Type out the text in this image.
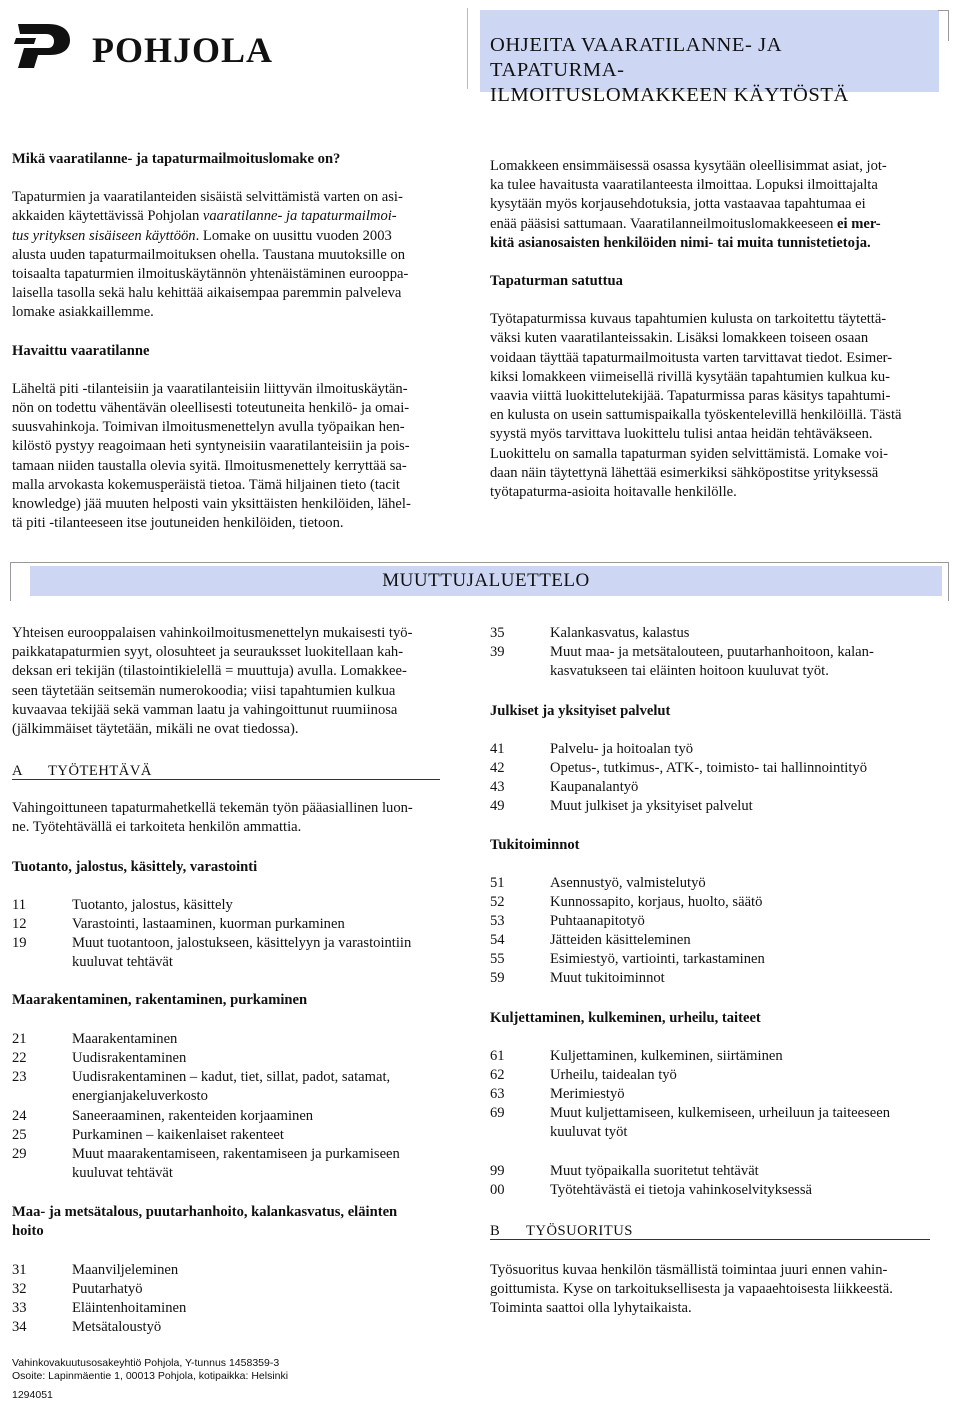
POHJOLA	OHJEITA VAARATILANNE- JA TAPATURMA-
ILMOITUSLOMAKKEEN KÄYTÖSTÄ

Mikä vaaratilanne- ja tapaturmailmoituslomake on?

Tapaturmien ja vaaratilanteiden sisäistä selvittämistä varten on asi-

akkaiden käytettävissä Pohjolan vaaratilanne- ja tapaturmailmoi-

tus yrityksen sisäiseen käyttöön. Lomake on uusittu vuoden 2003

alusta uuden tapaturmailmoituksen ohella. Taustana muutoksille on

toisaalta tapaturmien ilmoituskäytännön yhtenäistäminen eurooppa-

laisella tasolla sekä halu kehittää aikaisempaa paremmin palveleva

lomake asiakkaillemme.

Havaittu vaaratilanne

Läheltä piti -tilanteisiin ja vaaratilanteisiin liittyvän ilmoituskäytän-

nön on todettu vähentävän oleellisesti toteutuneita henkilö- ja omai-

suusvahinkoja. Toimivan ilmoitusmenettelyn avulla työpaikan hen-

kilöstö pystyy reagoimaan heti syntyneisiin vaaratilanteisiin ja pois-

tamaan niiden taustalla olevia syitä. Ilmoitusmenettely kerryttää sa-

malla arvokasta kokemusperäistä tietoa. Tämä hiljainen tieto (tacit

knowledge) jää muuten helposti vain yksittäisten henkilöiden, lähel-

tä piti -tilanteeseen itse joutuneiden henkilöiden, tietoon.

Lomakkeen ensimmäisessä osassa kysytään oleellisimmat asiat, jot-

ka tulee havaitusta vaaratilanteesta ilmoittaa. Lopuksi ilmoittajalta

kysytään myös korjausehdotuksia, jotta vastaavaa tapahtumaa ei

enää pääsisi sattumaan. Vaaratilanneilmoituslomakkeeseen ei mer-

kitä asianosaisten henkilöiden nimi- tai muita tunnistetietoja.

Tapaturman satuttua

Työtapaturmissa kuvaus tapahtumien kulusta on tarkoitettu täytettä-

väksi kuten vaaratilanteissakin. Lisäksi lomakkeen toiseen osaan

voidaan täyttää tapaturmailmoitusta varten tarvittavat tiedot. Esimer-

kiksi lomakkeen viimeisellä rivillä kysytään tapahtumien kulkua ku-

vaavia viittä luokittelutekijää. Tapaturmissa paras käsitys tapahtumi-

en kulusta on usein sattumispaikalla työskentelevillä henkilöillä. Tästä

syystä myös tarvittava luokittelu tulisi antaa heidän tehtäväkseen.

Luokittelu on samalla tapaturman syiden selvittämistä. Lomake voi-

daan näin täytettynä lähettää esimerkiksi sähköpostitse yrityksessä

työtapaturma-asioita hoitavalle henkilölle.

MUUTTUJALUETTELO

Yhteisen eurooppalaisen vahinkoilmoitusmenettelyn mukaisesti työ-

paikkatapaturmien syyt, olosuhteet ja seurauksset luokitellaan kah-

deksan eri tekijän (tilastointikielellä = muuttuja) avulla. Lomakkee-

seen täytetään seitsemän numerokoodia; viisi tapahtumien kulkua

kuvaavaa tekijää sekä vamman laatu ja vahingoittunut ruumiinosa

(jälkimmäiset täytetään, mikäli ne ovat tiedossa).

A TYÖTEHTÄVÄ

Vahingoittuneen tapaturmahetkellä tekemän työn pääasiallinen luon-

ne. Työtehtävällä ei tarkoiteta henkilön ammattia.

Tuotanto, jalostus, käsittely, varastointi

11	Tuotanto, jalostus, käsittely
12	Varastointi, lastaaminen, kuorman purkaminen
19	Muut tuotantoon, jalostukseen, käsittelyyn ja varastointiin
kuuluvat tehtävät

Maarakentaminen, rakentaminen, purkaminen

21	Maarakentaminen
22	Uudisrakentaminen
23	Uudisrakentaminen – kadut, tiet, sillat, padot, satamat,
energianjakeluverkosto
24	Saneeraaminen, rakenteiden korjaaminen
25	Purkaminen – kaikenlaiset rakenteet
29	Muut maarakentamiseen, rakentamiseen ja purkamiseen
kuuluvat tehtävät
Maa- ja metsätalous, puutarhanhoito, kalankasvatus, eläinten
hoito
31	Maanviljeleminen
32	Puutarhatyö
33	Eläintenhoitaminen
34	Metsätaloustyö
35	Kalankasvatus, kalastus
39	Muut maa- ja metsätalouteen, puutarhanhoitoon, kalan-
kasvatukseen tai eläinten hoitoon kuuluvat työt.

Julkiset ja yksityiset palvelut

41	Palvelu- ja hoitoalan työ
42	Opetus-, tutkimus-, ATK-, toimisto- tai hallinnointityö
43	Kaupanalantyö
49	Muut julkiset ja yksityiset palvelut

Tukitoiminnot

51	Asennustyö, valmistelutyö
52	Kunnossapito, korjaus, huolto, säätö
53	Puhtaanapitotyö
54	Jätteiden käsitteleminen
55	Esimiestyö, vartiointi, tarkastaminen
59	Muut tukitoiminnot

Kuljettaminen, kulkeminen, urheilu, taiteet

61	Kuljettaminen, kulkeminen, siirtäminen
62	Urheilu, taidealan työ
63	Merimiestyö
69	Muut kuljettamiseen, kulkemiseen, urheiluun ja taiteeseen
kuuluvat työt
99	Muut työpaikalla suoritetut tehtävät
00	Työtehtävästä ei tietoja vahinkoselvityksessä
B TYÖSUORITUS

Työsuoritus kuvaa henkilön täsmällistä toimintaa juuri ennen vahin-

goittumista. Kyse on tarkoituksellisesta ja vapaaehtoisesta liikkeestä.

Toiminta saattoi olla lyhytaikaista.

Vahinkovakuutusosakeyhtiö Pohjola, Y-tunnus 1458359-3
Osoite: Lapinmäentie 1, 00013 Pohjola, kotipaikka: Helsinki
1294051
